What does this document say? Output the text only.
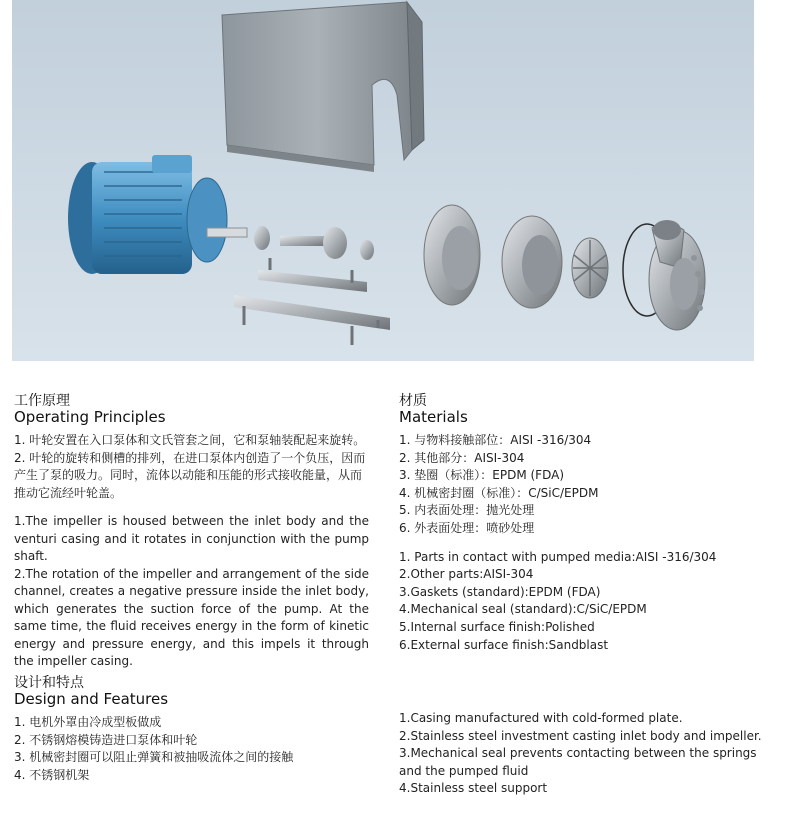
工作原理
Operating Principles

1. 叶轮安置在入口泵体和文氏管套之间，它和泵轴装配起来旋转。

2. 叶轮的旋转和侧槽的排列，在进口泵体内创造了一个负压，因而产生了泵的吸力。同时，流体以动能和压能的形式接收能量，从而推动它流经叶轮盖。

1.The impeller is housed between the inlet body and the venturi casing and it rotates in conjunction with the pump shaft.

2.The rotation of the impeller and arrangement of the side channel, creates a negative pressure inside the inlet body, which generates the suction force of the pump. At the same time, the fluid receives energy in the form of kinetic energy and pressure energy, and this impels it through the impeller casing.

材质
Materials
1. 与物料接触部位：AISI -316/304
2. 其他部分：AISI-304
3. 垫圈（标准）：EPDM (FDA)
4. 机械密封圈（标准）：C/SiC/EPDM
5. 内表面处理：抛光处理
6. 外表面处理：喷砂处理
1. Parts in contact with pumped media:AISI -316/304
2.Other parts:AISI-304
3.Gaskets (standard):EPDM (FDA)
4.Mechanical seal (standard):C/SiC/EPDM
5.Internal surface finish:Polished
6.External surface finish:Sandblast
设计和特点
Design and Features
1. 电机外罩由冷成型板做成
2. 不锈钢熔模铸造进口泵体和叶轮
3. 机械密封圈可以阻止弹簧和被抽吸流体之间的接触
4. 不锈钢机架
1.Casing manufactured with cold-formed plate.
2.Stainless steel investment casting inlet body and impeller.
3.Mechanical seal prevents contacting between the springs and the pumped fluid
4.Stainless steel support
